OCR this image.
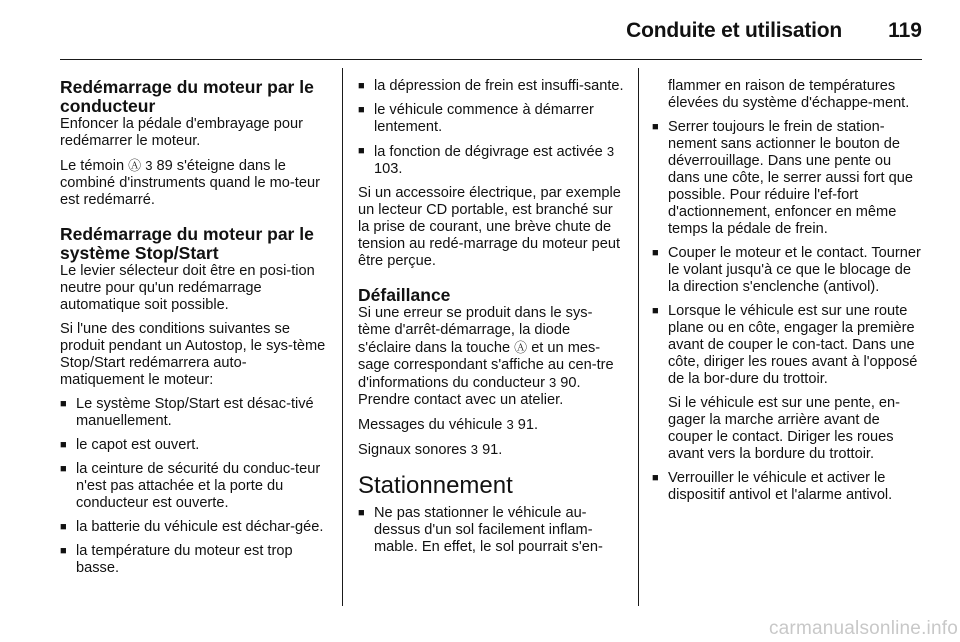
Conduite et utilisation 119
Redémarrage du moteur par le conducteur

Enfoncer la pédale d'embrayage pour redémarrer le moteur.

Le témoin Ⓐ 3 89 s'éteigne dans le combiné d'instruments quand le mo-teur est redémarré.

Redémarrage du moteur par le système Stop/Start

Le levier sélecteur doit être en posi-tion neutre pour qu'un redémarrage automatique soit possible.

Si l'une des conditions suivantes se produit pendant un Autostop, le sys-tème Stop/Start redémarrera auto-matiquement le moteur:

■ Le système Stop/Start est désac-tivé manuellement.
■ le capot est ouvert.
■ la ceinture de sécurité du conduc-teur n'est pas attachée et la porte du conducteur est ouverte.
■ la batterie du véhicule est déchar-gée.
■ la température du moteur est trop basse.
■ la dépression de frein est insuffi-sante.
■ le véhicule commence à démarrer lentement.
■ la fonction de dégivrage est activée 3 103.

Si un accessoire électrique, par exemple un lecteur CD portable, est branché sur la prise de courant, une brève chute de tension au redé-marrage du moteur peut être perçue.

Défaillance

Si une erreur se produit dans le sys-tème d'arrêt-démarrage, la diode s'éclaire dans la touche Ⓐ et un mes-sage correspondant s'affiche au cen-tre d'informations du conducteur 3 90. Prendre contact avec un atelier.

Messages du véhicule 3 91.

Signaux sonores 3 91.

Stationnement
■ Ne pas stationner le véhicule au-dessus d'un sol facilement inflam-mable. En effet, le sol pourrait s'en-

flammer en raison de températures élevées du système d'échappe-ment.

■ Serrer toujours le frein de station-nement sans actionner le bouton de déverrouillage. Dans une pente ou dans une côte, le serrer aussi fort que possible. Pour réduire l'ef-fort d'actionnement, enfoncer en même temps la pédale de frein.
■ Couper le moteur et le contact. Tourner le volant jusqu'à ce que le blocage de la direction s'enclenche (antivol).
■ Lorsque le véhicule est sur une route plane ou en côte, engager la première avant de couper le con-tact. Dans une côte, diriger les roues avant à l'opposé de la bor-dure du trottoir.
Si le véhicule est sur une pente, en-gager la marche arrière avant de couper le contact. Diriger les roues avant vers la bordure du trottoir.
■ Verrouiller le véhicule et activer le dispositif antivol et l'alarme antivol.
carmanualsonline.info
